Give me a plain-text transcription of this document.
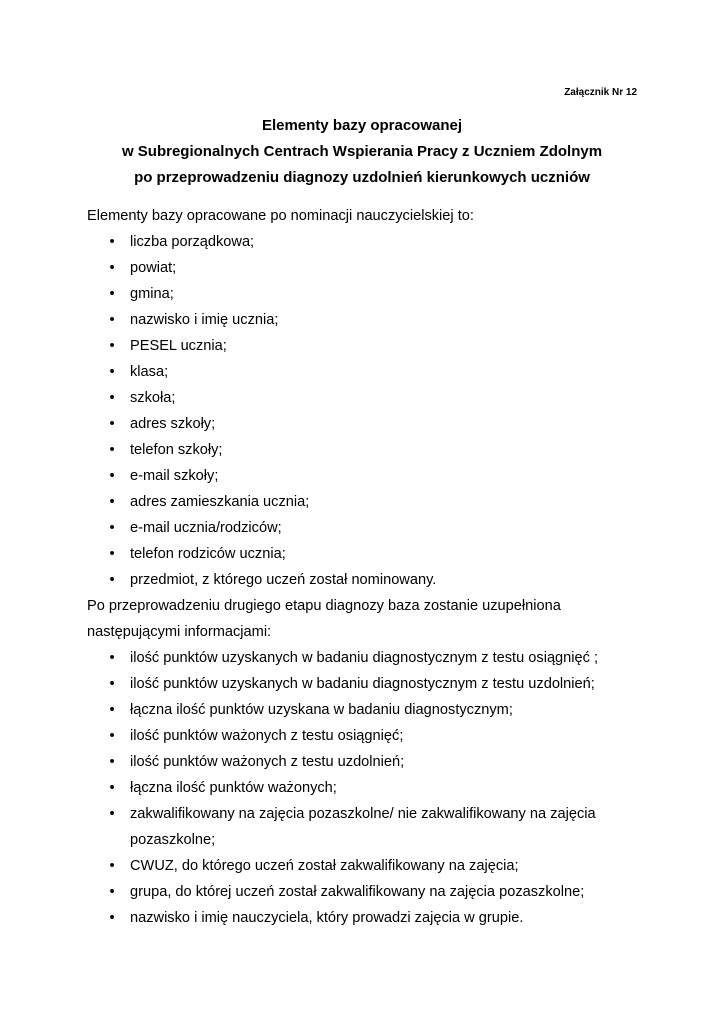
Załącznik Nr 12
Elementy bazy opracowanej
w Subregionalnych Centrach Wspierania Pracy z Uczniem Zdolnym
po przeprowadzeniu diagnozy uzdolnień kierunkowych uczniów

Elementy bazy opracowane po nominacji nauczycielskiej to:

• liczba porządkowa;
• powiat;
• gmina;
• nazwisko i imię ucznia;
• PESEL ucznia;
• klasa;
• szkoła;
• adres szkoły;
• telefon szkoły;
• e-mail szkoły;
• adres zamieszkania ucznia;
• e-mail ucznia/rodziców;
• telefon rodziców ucznia;
• przedmiot, z którego uczeń został nominowany.

Po przeprowadzeniu drugiego etapu diagnozy baza zostanie uzupełniona następującymi informacjami:

• ilość punktów uzyskanych w badaniu diagnostycznym z testu osiągnięć ;
• ilość punktów uzyskanych w badaniu diagnostycznym z testu uzdolnień;
• łączna ilość punktów uzyskana w badaniu diagnostycznym;
• ilość punktów ważonych z testu osiągnięć;
• ilość punktów ważonych z testu uzdolnień;
• łączna ilość punktów ważonych;
• zakwalifikowany na zajęcia pozaszkolne/ nie zakwalifikowany na zajęcia pozaszkolne;
• CWUZ, do którego uczeń został zakwalifikowany na zajęcia;
• grupa, do której uczeń został zakwalifikowany na zajęcia pozaszkolne;
• nazwisko i imię nauczyciela, który prowadzi zajęcia w grupie.
